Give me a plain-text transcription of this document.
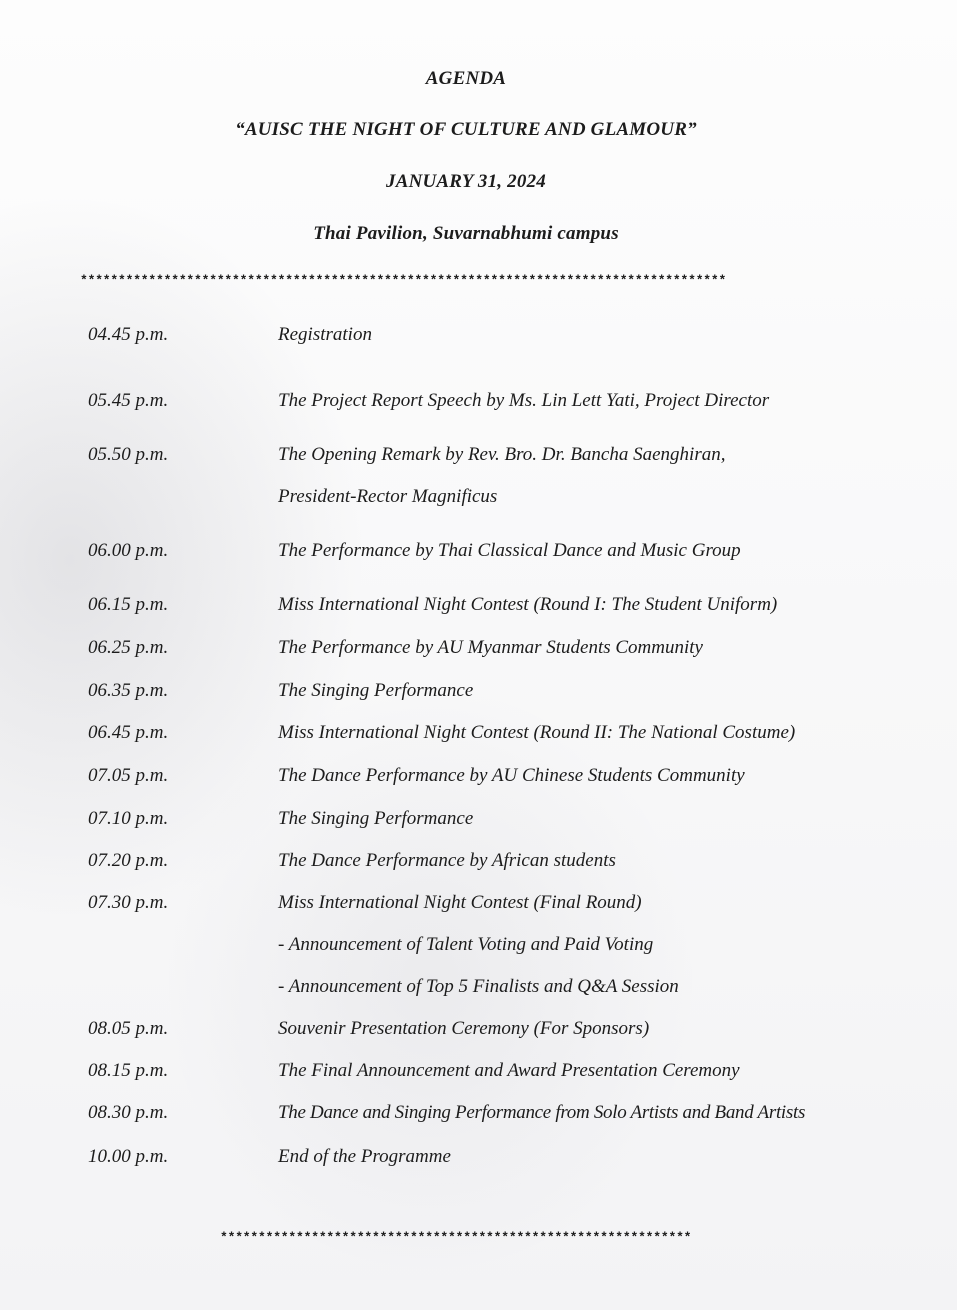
AGENDA
“AUISC THE NIGHT OF CULTURE AND GLAMOUR”
JANUARY 31, 2024
Thai Pavilion, Suvarnabhumi campus
*************************************************************************************
04.45 p.m.	Registration
05.45 p.m.	The Project Report Speech by Ms. Lin Lett Yati, Project Director
05.50 p.m.	The Opening Remark by Rev. Bro. Dr. Bancha Saenghiran,
President-Rector Magnificus
06.00 p.m.	The Performance by Thai Classical Dance and Music Group
06.15 p.m.	Miss International Night Contest (Round I: The Student Uniform)
06.25 p.m.	The Performance by AU Myanmar Students Community
06.35 p.m.	The Singing Performance
06.45 p.m.	Miss International Night Contest (Round II: The National Costume)
07.05 p.m.	The Dance Performance by AU Chinese Students Community
07.10 p.m.	The Singing Performance
07.20 p.m.	The Dance Performance by African students
07.30 p.m.	Miss International Night Contest (Final Round)
- Announcement of Talent Voting and Paid Voting
- Announcement of Top 5 Finalists and Q&A Session
08.05 p.m.	Souvenir Presentation Ceremony (For Sponsors)
08.15 p.m.	The Final Announcement and Award Presentation Ceremony
08.30 p.m.	The Dance and Singing Performance from Solo Artists and Band Artists
10.00 p.m.	End of the Programme
**************************************************************
